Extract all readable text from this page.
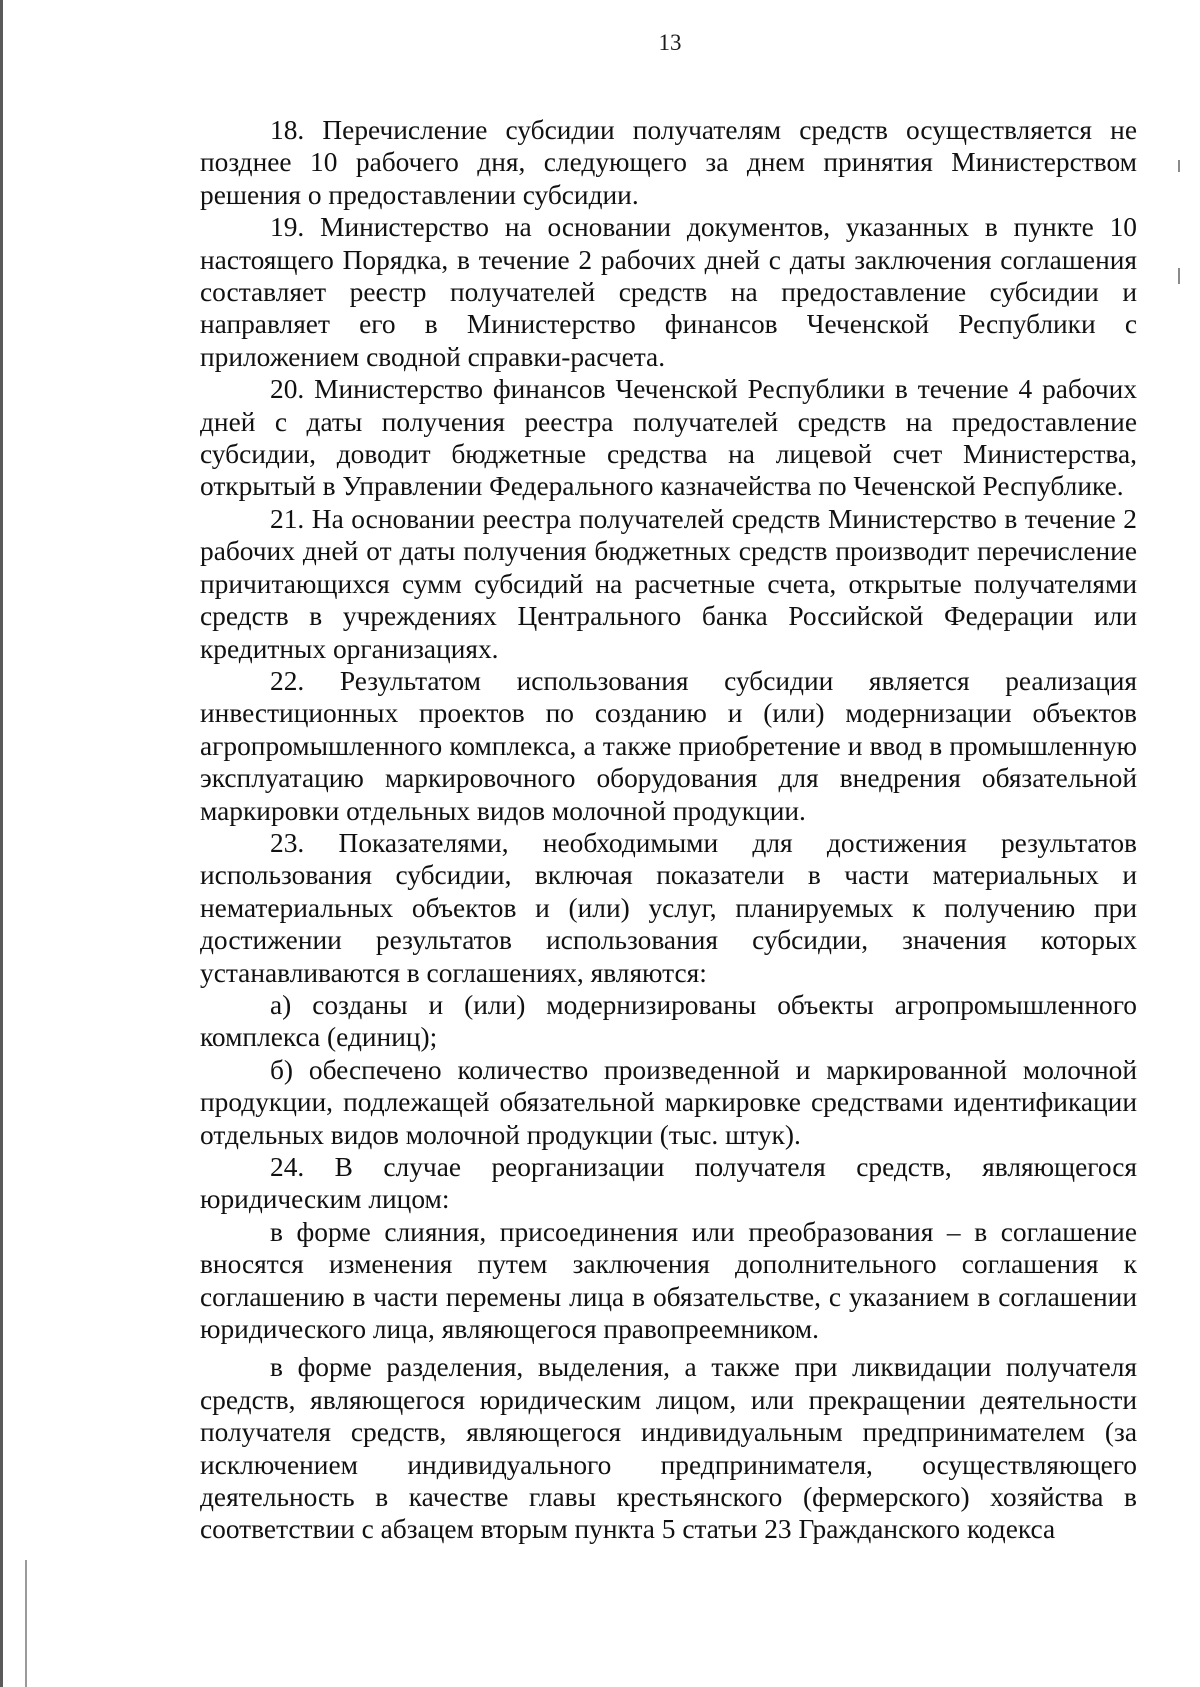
13

18. Перечисление субсидии получателям средств осуществляется не позднее 10 рабочего дня, следующего за днем принятия Министерством решения о предоставлении субсидии.

19. Министерство на основании документов, указанных в пункте 10 настоящего Порядка, в течение 2 рабочих дней с даты заключения соглашения составляет реестр получателей средств на предоставление субсидии и направляет его в Министерство финансов Чеченской Республики с приложением сводной справки-расчета.

20. Министерство финансов Чеченской Республики в течение 4 рабочих дней с даты получения реестра получателей средств на предоставление субсидии, доводит бюджетные средства на лицевой счет Министерства, открытый в Управлении Федерального казначейства по Чеченской Республике.

21. На основании реестра получателей средств Министерство в течение 2 рабочих дней от даты получения бюджетных средств производит перечисление причитающихся сумм субсидий на расчетные счета, открытые получателями средств в учреждениях Центрального банка Российской Федерации или кредитных организациях.

22. Результатом использования субсидии является реализация инвестиционных проектов по созданию и (или) модернизации объектов агропромышленного комплекса, а также приобретение и ввод в промышленную эксплуатацию маркировочного оборудования для внедрения обязательной маркировки отдельных видов молочной продукции.

23. Показателями, необходимыми для достижения результатов использования субсидии, включая показатели в части материальных и нематериальных объектов и (или) услуг, планируемых к получению при достижении результатов использования субсидии, значения которых устанавливаются в соглашениях, являются:

а) созданы и (или) модернизированы объекты агропромышленного комплекса (единиц);

б) обеспечено количество произведенной и маркированной молочной продукции, подлежащей обязательной маркировке средствами идентификации отдельных видов молочной продукции (тыс. штук).

24. В случае реорганизации получателя средств, являющегося юридическим лицом:

в форме слияния, присоединения или преобразования – в соглашение вносятся изменения путем заключения дополнительного соглашения к соглашению в части перемены лица в обязательстве, с указанием в соглашении юридического лица, являющегося правопреемником.

в форме разделения, выделения, а также при ликвидации получателя средств, являющегося юридическим лицом, или прекращении деятельности получателя средств, являющегося индивидуальным предпринимателем (за исключением индивидуального предпринимателя, осуществляющего деятельность в качестве главы крестьянского (фермерского) хозяйства в соответствии с абзацем вторым пункта 5 статьи 23 Гражданского кодекса
